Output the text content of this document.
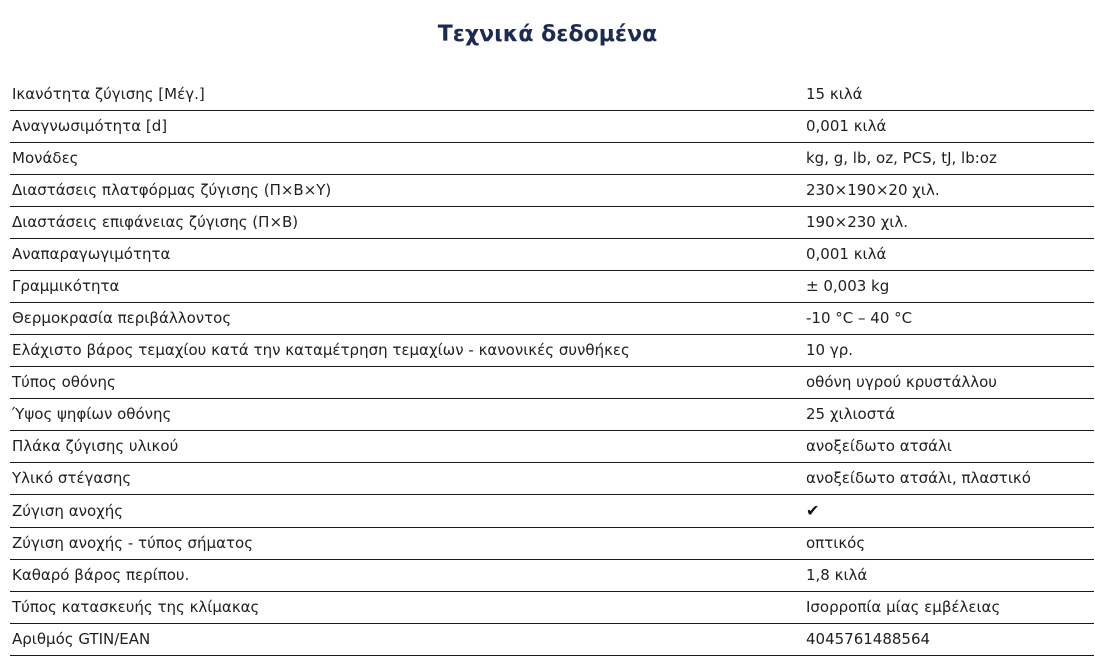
Τεχνικά δεδομένα
Ικανότητα ζύγισης [Μέγ.]	15 κιλά
Αναγνωσιμότητα [d]	0,001 κιλά
Μονάδες	kg, g, lb, oz, PCS, tJ, lb:oz
Διαστάσεις πλατφόρμας ζύγισης (Π×Β×Υ)	230×190×20 χιλ.
Διαστάσεις επιφάνειας ζύγισης (Π×Β)	190×230 χιλ.
Αναπαραγωγιμότητα	0,001 κιλά
Γραμμικότητα	± 0,003 kg
Θερμοκρασία περιβάλλοντος	-10 °C – 40 °C
Ελάχιστο βάρος τεμαχίου κατά την καταμέτρηση τεμαχίων - κανονικές συνθήκες	10 γρ.
Τύπος οθόνης	οθόνη υγρού κρυστάλλου
Ύψος ψηφίων οθόνης	25 χιλιοστά
Πλάκα ζύγισης υλικού	ανοξείδωτο ατσάλι
Υλικό στέγασης	ανοξείδωτο ατσάλι, πλαστικό
Ζύγιση ανοχής	✔
Ζύγιση ανοχής - τύπος σήματος	οπτικός
Καθαρό βάρος περίπου.	1,8 κιλά
Τύπος κατασκευής της κλίμακας	Ισορροπία μίας εμβέλειας
Αριθμός GTIN/EAN	4045761488564
